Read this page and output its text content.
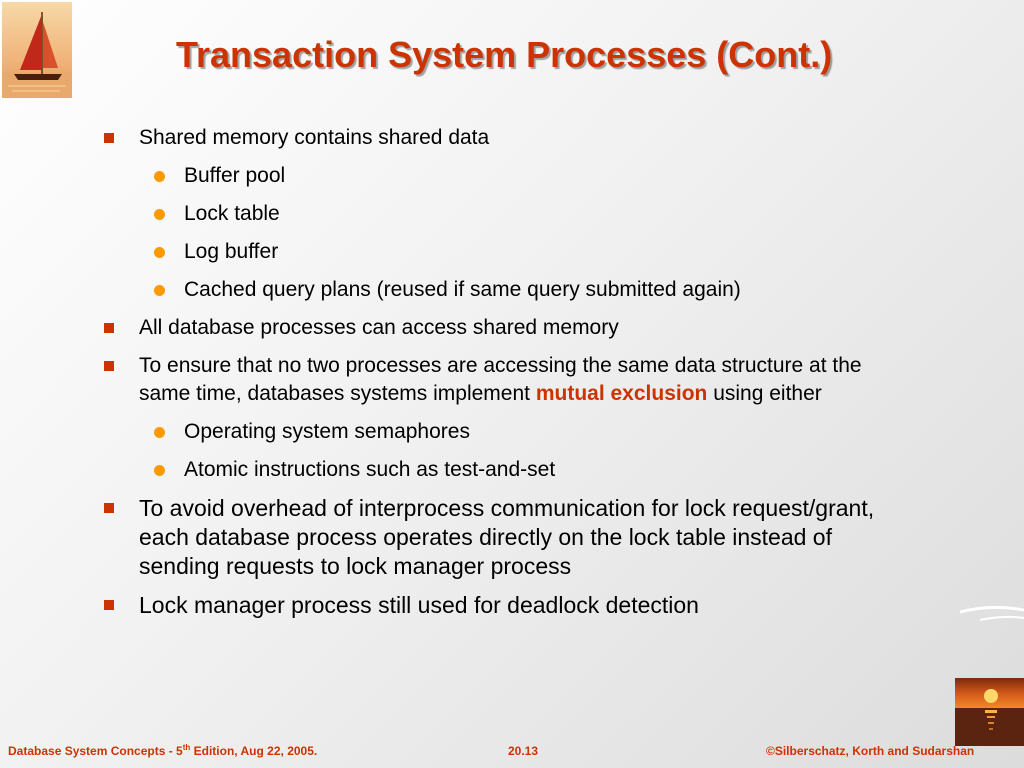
Transaction System Processes (Cont.)

Shared memory contains shared data

Buffer pool

Lock table

Log buffer

Cached query plans (reused if same query submitted again)

All database processes can access shared memory

To ensure that no two processes are accessing the same data structure at the same time, databases systems implement mutual exclusion using either

Operating system semaphores

Atomic instructions such as test-and-set

To avoid overhead of interprocess communication for lock request/grant, each database process operates directly on the lock table instead of sending requests to lock manager process

Lock manager process still used for deadlock detection

Database System Concepts - 5th Edition, Aug 22, 2005.	20.13	©Silberschatz, Korth and Sudarshan
